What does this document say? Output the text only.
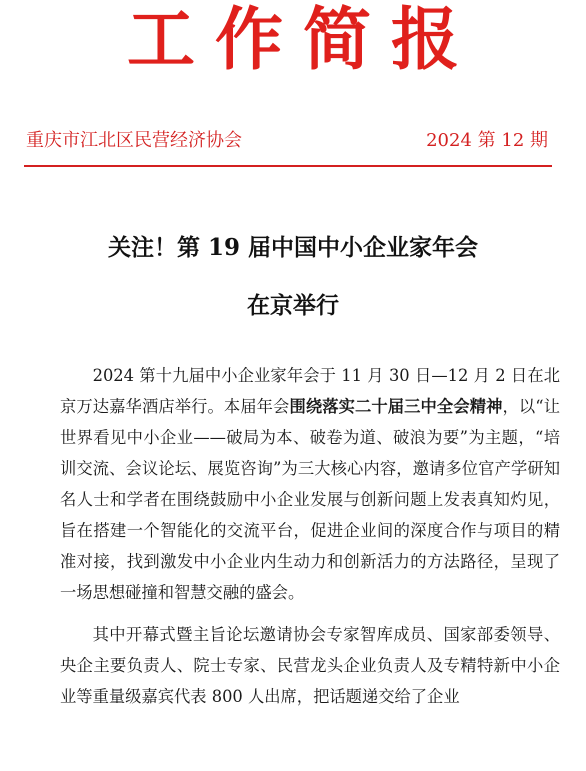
工作简报
重庆市江北区民营经济协会	2024 第 12 期
关注！第 19 届中国中小企业家年会
在京举行

2024 第十九届中小企业家年会于 11 月 30 日—12 月 2 日在北京万达嘉华酒店举行。本届年会围绕落实二十届三中全会精神，以“让世界看见中小企业——破局为本、破卷为道、破浪为要”为主题，“培训交流、会议论坛、展览咨询”为三大核心内容，邀请多位官产学研知名人士和学者在围绕鼓励中小企业发展与创新问题上发表真知灼见，旨在搭建一个智能化的交流平台，促进企业间的深度合作与项目的精准对接，找到激发中小企业内生动力和创新活力的方法路径，呈现了一场思想碰撞和智慧交融的盛会。

其中开幕式暨主旨论坛邀请协会专家智库成员、国家部委领导、央企主要负责人、院士专家、民营龙头企业负责人及专精特新中小企业等重量级嘉宾代表 800 人出席，把话题递交给了企业
